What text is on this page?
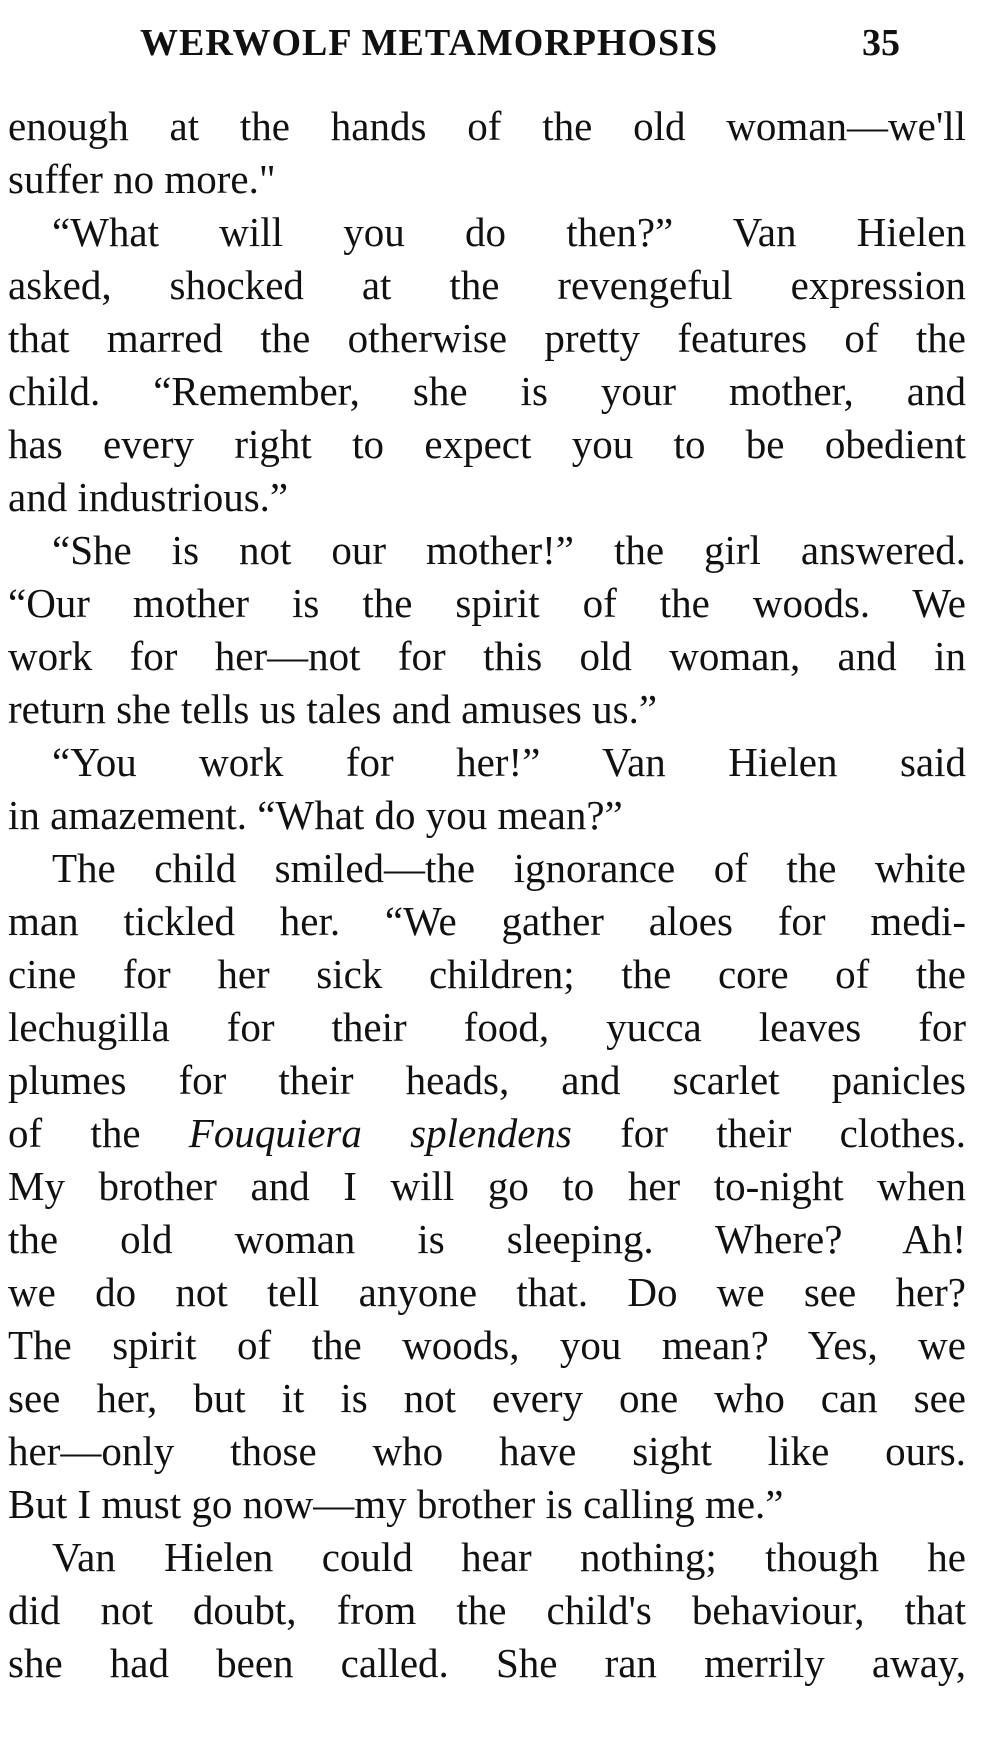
WERWOLF METAMORPHOSIS	35
enough at the hands of the old woman—we'll
suffer no more."
“What will you do then?” Van Hielen
asked, shocked at the revengeful expression
that marred the otherwise pretty features of the
child. “Remember, she is your mother, and
has every right to expect you to be obedient
and industrious.”
“She is not our mother!” the girl answered.
“Our mother is the spirit of the woods. We
work for her—not for this old woman, and in
return she tells us tales and amuses us.”
“You work for her!” Van Hielen said
in amazement. “What do you mean?”
The child smiled—the ignorance of the white
man tickled her. “We gather aloes for medi-
cine for her sick children; the core of the
lechugilla for their food, yucca leaves for
plumes for their heads, and scarlet panicles
of the Fouquiera splendens for their clothes.
My brother and I will go to her to-night when
the old woman is sleeping. Where? Ah!
we do not tell anyone that. Do we see her?
The spirit of the woods, you mean? Yes, we
see her, but it is not every one who can see
her—only those who have sight like ours.
But I must go now—my brother is calling me.”
Van Hielen could hear nothing; though he
did not doubt, from the child's behaviour, that
she had been called. She ran merrily away,
